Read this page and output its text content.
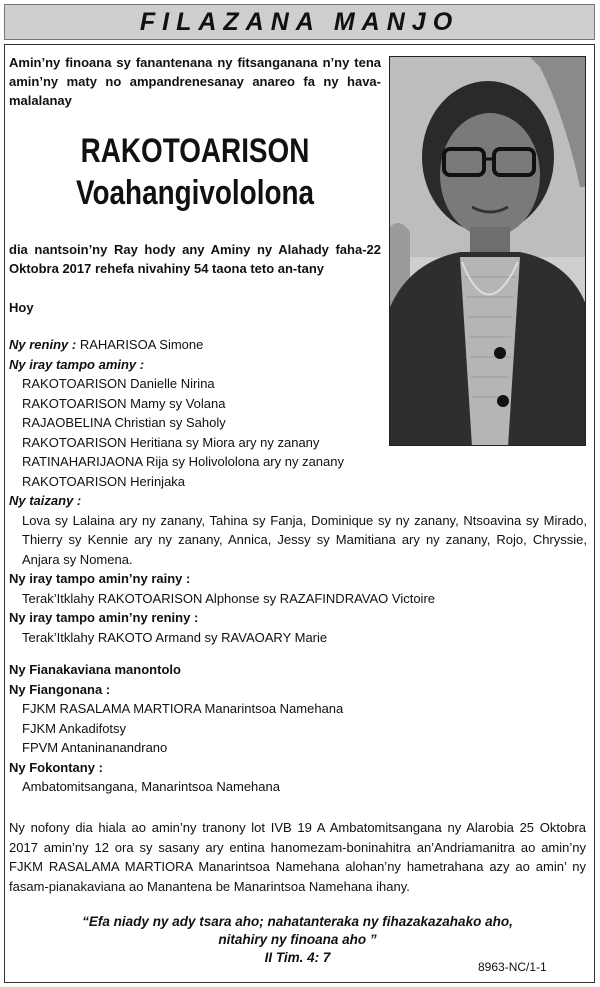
FILAZANA MANJO
Amin’ny finoana sy fanantenana ny fitsanganana n’ny tena amin’ny maty no ampandrenesanay anareo fa ny hava-malalanay
RAKOTOARISON
Voahangivololona
dia nantsoin’ny Ray hody any Aminy ny Alahady faha-22 Oktobra 2017 rehefa nivahiny 54 taona teto an-tany
Hoy
Ny reniny : RAHARISOA Simone
Ny iray tampo aminy :
RAKOTOARISON Danielle Nirina
RAKOTOARISON Mamy sy Volana
RAJAOBELINA Christian sy Saholy
RAKOTOARISON Heritiana sy Miora ary ny zanany
RATINAHARIJAONA Rija sy Holivololona ary ny zanany
RAKOTOARISON Herinjaka
Ny taizany :
Lova sy Lalaina ary ny zanany, Tahina sy Fanja, Dominique sy ny zanany, Ntsoavina sy Mirado, Thierry sy Kennie ary ny zanany, Annica, Jessy sy Mamitiana ary ny zanany, Rojo, Chryssie, Anjara sy Nomena.
Ny iray tampo amin’ny rainy :
Terak’Itklahy RAKOTOARISON Alphonse sy RAZAFINDRAVAO Victoire
Ny iray tampo amin’ny reniny :
Terak’Itklahy RAKOTO Armand sy RAVAOARY Marie
Ny Fianakaviana manontolo
Ny Fiangonana :
FJKM RASALAMA MARTIORA Manarintsoa Namehana
FJKM Ankadifotsy
FPVM Antaninanandrano
Ny Fokontany :
Ambatomitsangana, Manarintsoa Namehana
Ny nofony dia hiala ao amin’ny tranony lot IVB 19 A Ambatomitsangana ny Alarobia 25 Oktobra 2017 amin’ny 12 ora sy sasany ary entina hanomezam-boninahitra an’Andriamanitra ao amin’ny FJKM RASALAMA MARTIORA Manarintsoa Namehana alohan’ny hametrahana azy ao amin’ ny fasam-pianakaviana ao Manantena be Manarintsoa Namehana ihany.
“Efa niady ny ady tsara aho; nahatanteraka ny fihazakazahako aho,
nitahiry ny finoana aho ”
II Tim. 4: 7
8963-NC/1-1
